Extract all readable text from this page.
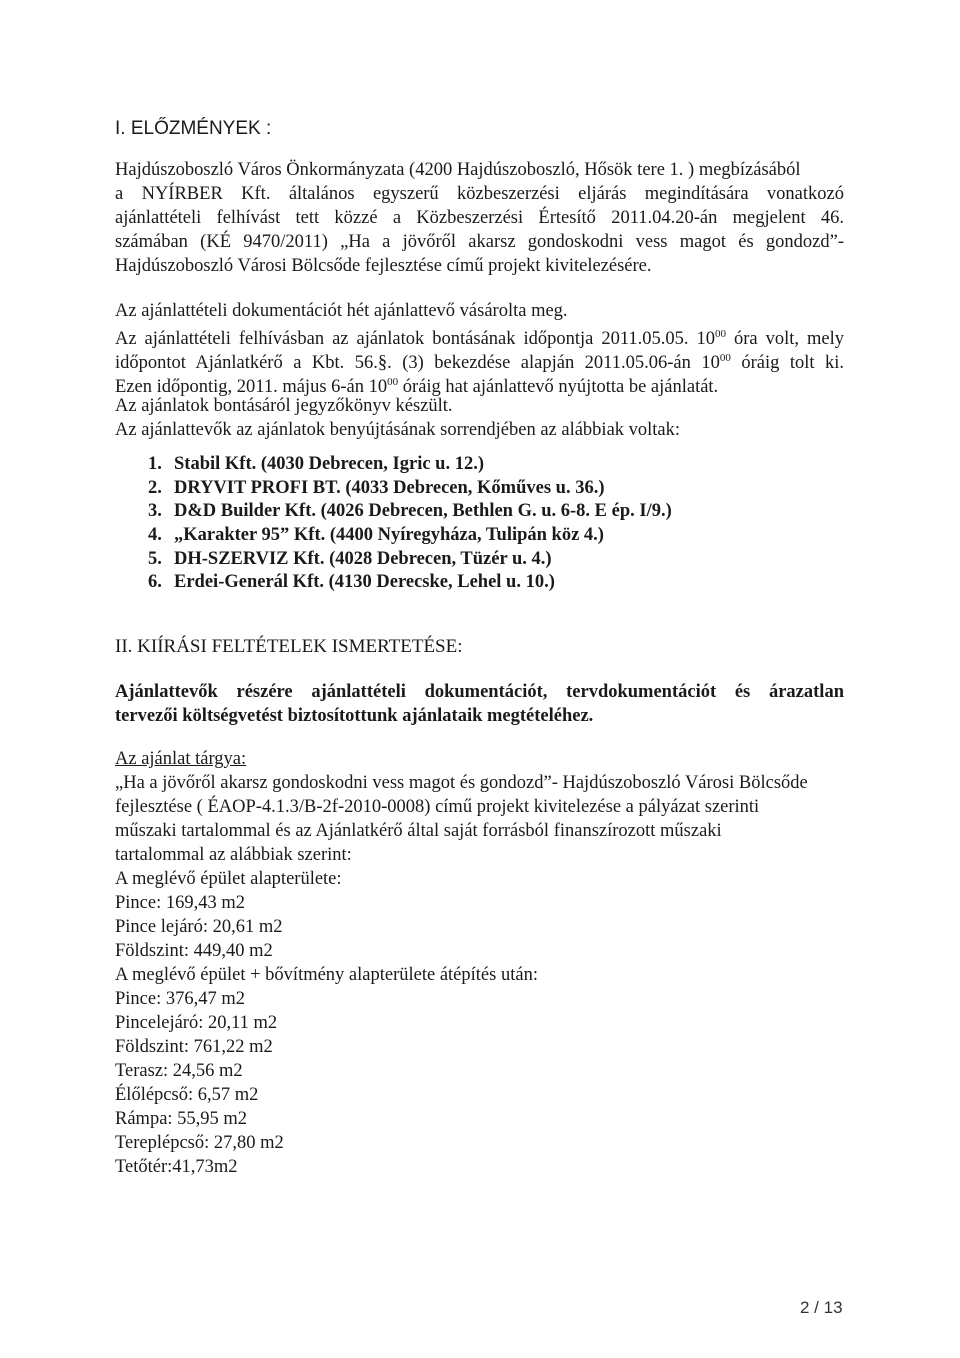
I. ELŐZMÉNYEK :
Hajdúszoboszló Város Önkormányzata (4200 Hajdúszoboszló, Hősök tere 1. ) megbízásából
a NYÍRBER Kft. általános egyszerű közbeszerzési eljárás megindítására vonatkozó
ajánlattételi felhívást tett közzé a Közbeszerzési Értesítő 2011.04.20-án megjelent 46.
számában (KÉ 9470/2011) „Ha a jövőről akarsz gondoskodni vess magot és gondozd”-
Hajdúszoboszló Városi Bölcsőde fejlesztése című projekt kivitelezésére.
Az ajánlattételi dokumentációt hét ajánlattevő vásárolta meg.
Az ajánlattételi felhívásban az ajánlatok bontásának időpontja 2011.05.05. $10^{00}$ óra volt, mely
időpontot Ajánlatkérő a Kbt. 56.§. (3) bekezdése alapján 2011.05.06-án $10^{00}$ óráig tolt ki.
Ezen időpontig, 2011. május 6-án $10^{00}$ óráig hat ajánlattevő nyújtotta be ajánlatát.
Az ajánlatok bontásáról jegyzőkönyv készült.
Az ajánlattevők az ajánlatok benyújtásának sorrendjében az alábbiak voltak:
1. Stabil Kft. (4030 Debrecen, Igric u. 12.)
2. DRYVIT PROFI BT. (4033 Debrecen, Kőműves u. 36.)
3. D&D Builder Kft. (4026 Debrecen, Bethlen G. u. 6-8. E ép. I/9.)
4. „Karakter 95” Kft. (4400 Nyíregyháza, Tulipán köz 4.)
5. DH-SZERVIZ Kft. (4028 Debrecen, Tüzér u. 4.)
6. Erdei-Generál Kft. (4130 Derecske, Lehel u. 10.)
II. KIÍRÁSI FELTÉTELEK ISMERTETÉSE:
Ajánlattevők részére ajánlattételi dokumentációt, tervdokumentációt és árazatlan
tervezői költségvetést biztosítottunk ajánlataik megtételéhez.
Az ajánlat tárgya:
„Ha a jövőről akarsz gondoskodni vess magot és gondozd”- Hajdúszoboszló Városi Bölcsőde
fejlesztése ( ÉAOP-4.1.3/B-2f-2010-0008) című projekt kivitelezése a pályázat szerinti
műszaki tartalommal és az Ajánlatkérő által saját forrásból finanszírozott műszaki
tartalommal az alábbiak szerint:
A meglévő épület alapterülete:
Pince: 169,43 m2
Pince lejáró: 20,61 m2
Földszint: 449,40 m2
A meglévő épület + bővítmény alapterülete átépítés után:
Pince: 376,47 m2
Pincelejáró: 20,11 m2
Földszint: 761,22 m2
Terasz: 24,56 m2
Élőlépcső: 6,57 m2
Rámpa: 55,95 m2
Tereplépcső: 27,80 m2
Tetőtér:41,73m2
2 / 13
